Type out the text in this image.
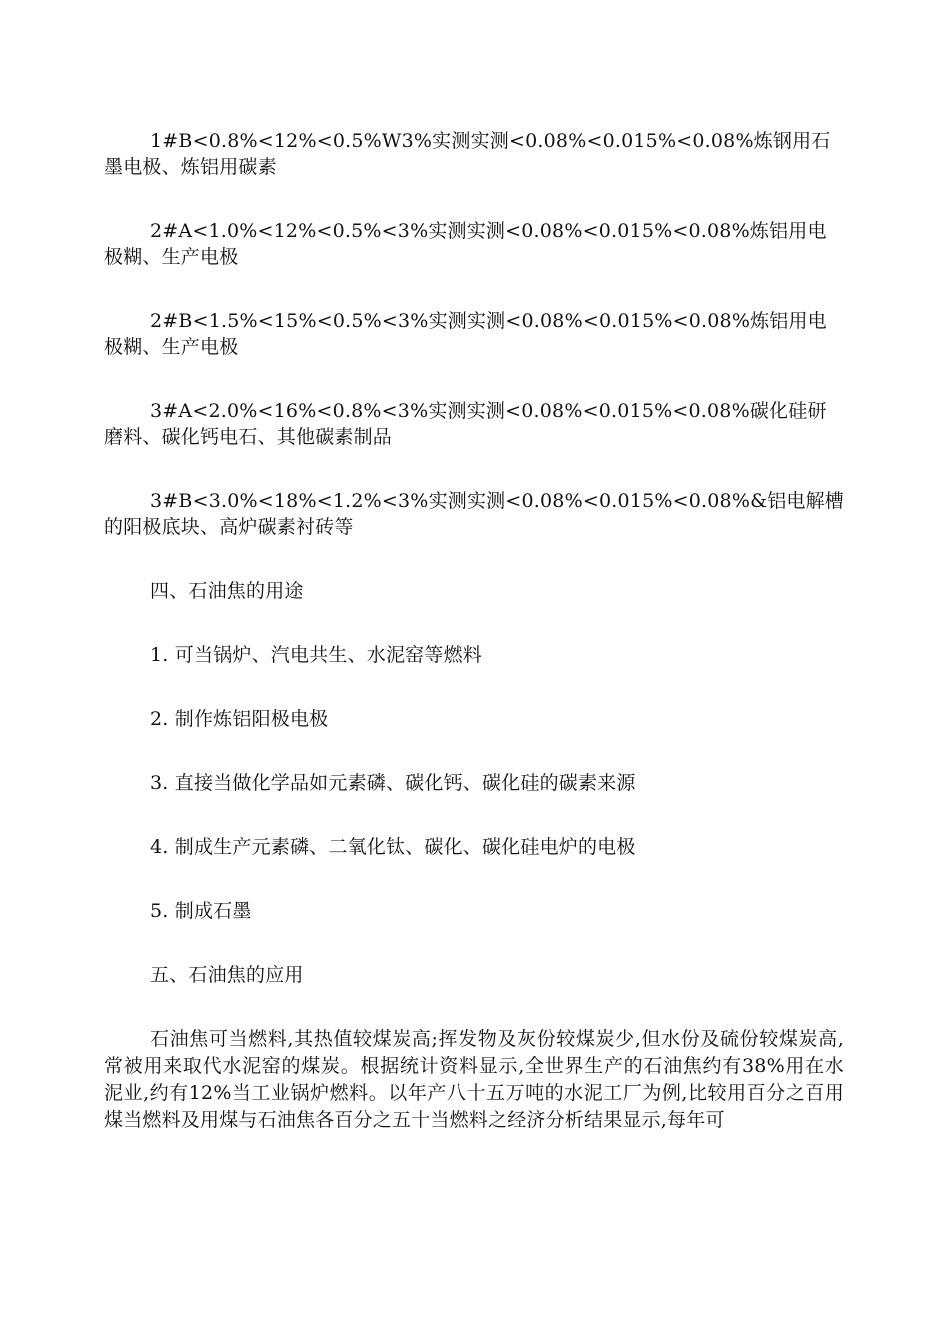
1#B<0.8%<12%<0.5%W3%实测实测<0.08%<0.015%<0.08%炼钢用石墨电极、炼铝用碳素

2#A<1.0%<12%<0.5%<3%实测实测<0.08%<0.015%<0.08%炼铝用电极糊、生产电极

2#B<1.5%<15%<0.5%<3%实测实测<0.08%<0.015%<0.08%炼铝用电极糊、生产电极

3#A<2.0%<16%<0.8%<3%实测实测<0.08%<0.015%<0.08%碳化硅研磨料、碳化钙电石、其他碳素制品

3#B<3.0%<18%<1.2%<3%实测实测<0.08%<0.015%<0.08%&铝电解槽的阳极底块、高炉碳素衬砖等

四、石油焦的用途

1. 可当锅炉、汽电共生、水泥窑等燃料

2. 制作炼铝阳极电极

3. 直接当做化学品如元素磷、碳化钙、碳化硅的碳素来源

4. 制成生产元素磷、二氧化钛、碳化、碳化硅电炉的电极

5. 制成石墨

五、石油焦的应用

石油焦可当燃料,其热值较煤炭高;挥发物及灰份较煤炭少,但水份及硫份较煤炭高,常被用来取代水泥窑的煤炭。根据统计资料显示,全世界生产的石油焦约有38%用在水泥业,约有12%当工业锅炉燃料。以年产八十五万吨的水泥工厂为例,比较用百分之百用煤当燃料及用煤与石油焦各百分之五十当燃料之经济分析结果显示,每年可
